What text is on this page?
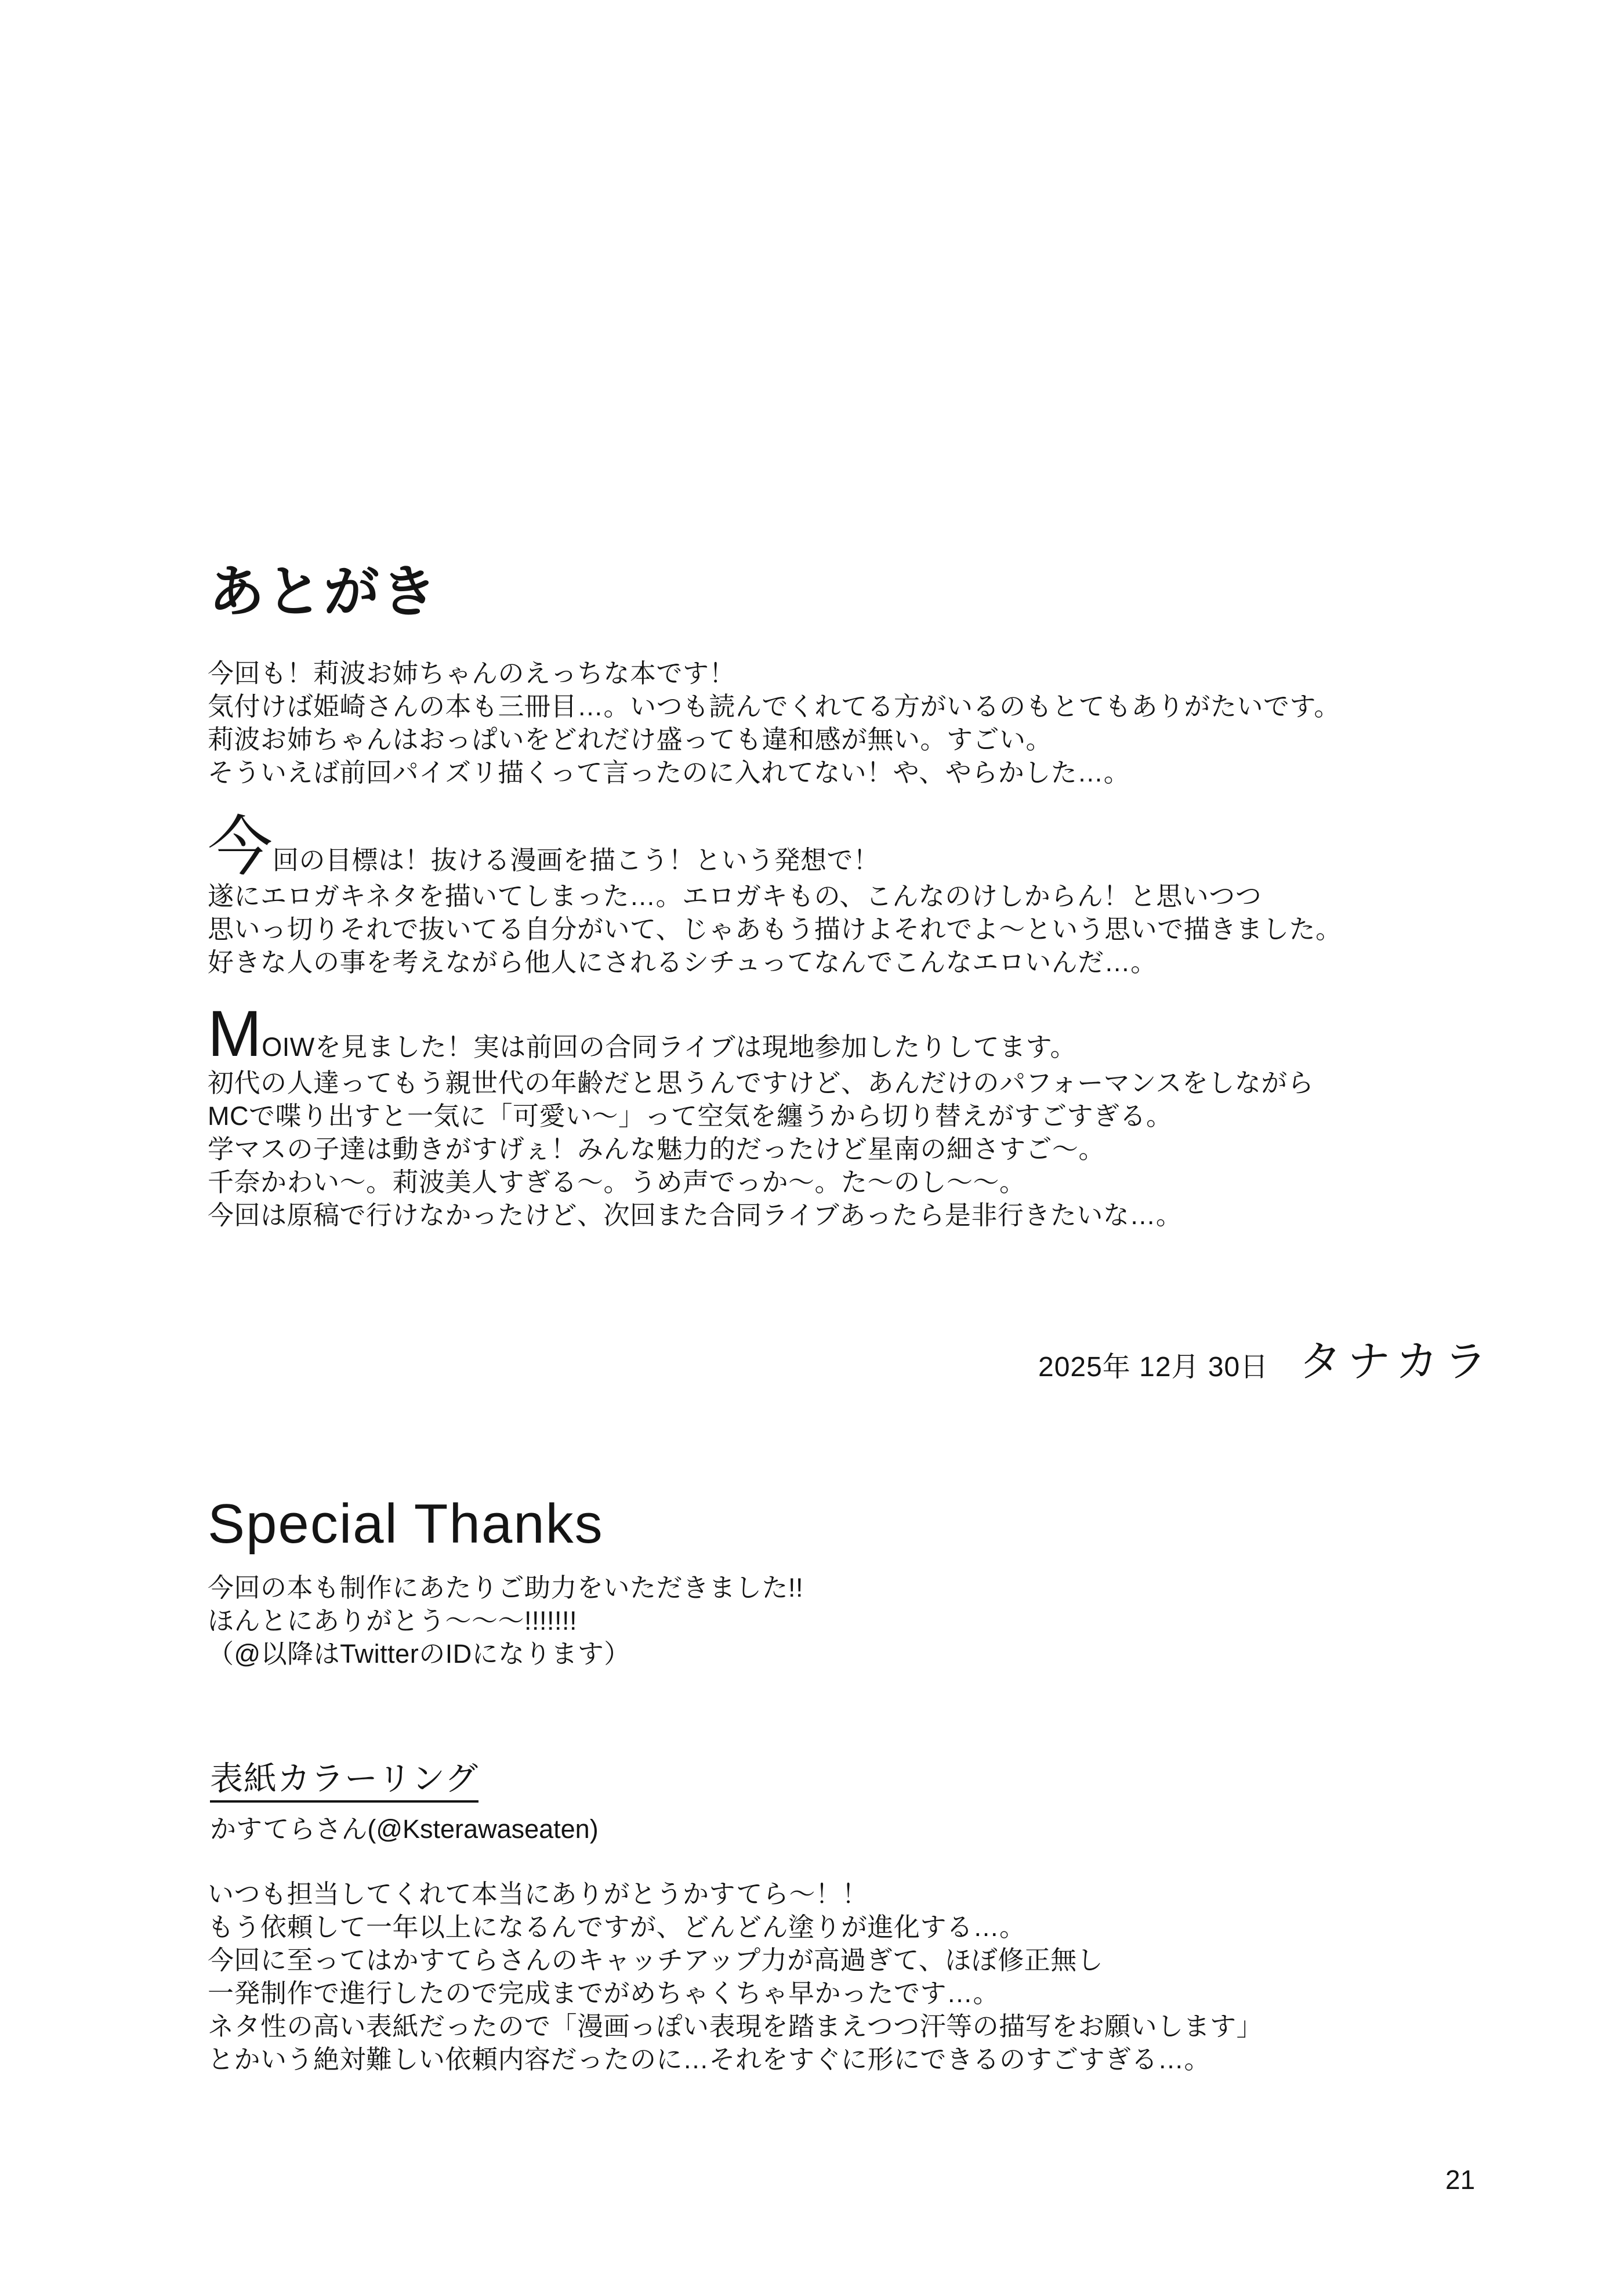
あとがき
今回も！莉波お姉ちゃんのえっちな本です！
気付けば姫崎さんの本も三冊目…。いつも読んでくれてる方がいるのもとてもありがたいです。
莉波お姉ちゃんはおっぱいをどれだけ盛っても違和感が無い。すごい。
そういえば前回パイズリ描くって言ったのに入れてない！や、やらかした…。
今 回の目標は！抜ける漫画を描こう！という発想で！
遂にエロガキネタを描いてしまった…。エロガキもの、こんなのけしからん！と思いつつ
思いっ切りそれで抜いてる自分がいて、じゃあもう描けよそれでよ〜という思いで描きました。
好きな人の事を考えながら他人にされるシチュってなんでこんなエロいんだ…。
M OIWを見ました！実は前回の合同ライブは現地参加したりしてます。
初代の人達ってもう親世代の年齢だと思うんですけど、あんだけのパフォーマンスをしながら
MCで喋り出すと一気に「可愛い〜」って空気を纏うから切り替えがすごすぎる。
学マスの子達は動きがすげぇ！みんな魅力的だったけど星南の細さすご〜。
千奈かわい〜。莉波美人すぎる〜。うめ声でっか〜。た〜のし〜〜。
今回は原稿で行けなかったけど、次回また合同ライブあったら是非行きたいな…。
2025年 12月 30日 タナカラ
Special Thanks
今回の本も制作にあたりご助力をいただきました!!
ほんとにありがとう〜〜〜!!!!!!!
（@以降はTwitterのIDになります）
表紙カラーリング
かすてらさん(@Ksterawaseaten)
いつも担当してくれて本当にありがとうかすてら〜！！
もう依頼して一年以上になるんですが、どんどん塗りが進化する…。
今回に至ってはかすてらさんのキャッチアップ力が高過ぎて、ほぼ修正無し
一発制作で進行したので完成までがめちゃくちゃ早かったです…。
ネタ性の高い表紙だったので「漫画っぽい表現を踏まえつつ汗等の描写をお願いします」
とかいう絶対難しい依頼内容だったのに…それをすぐに形にできるのすごすぎる…。
21
